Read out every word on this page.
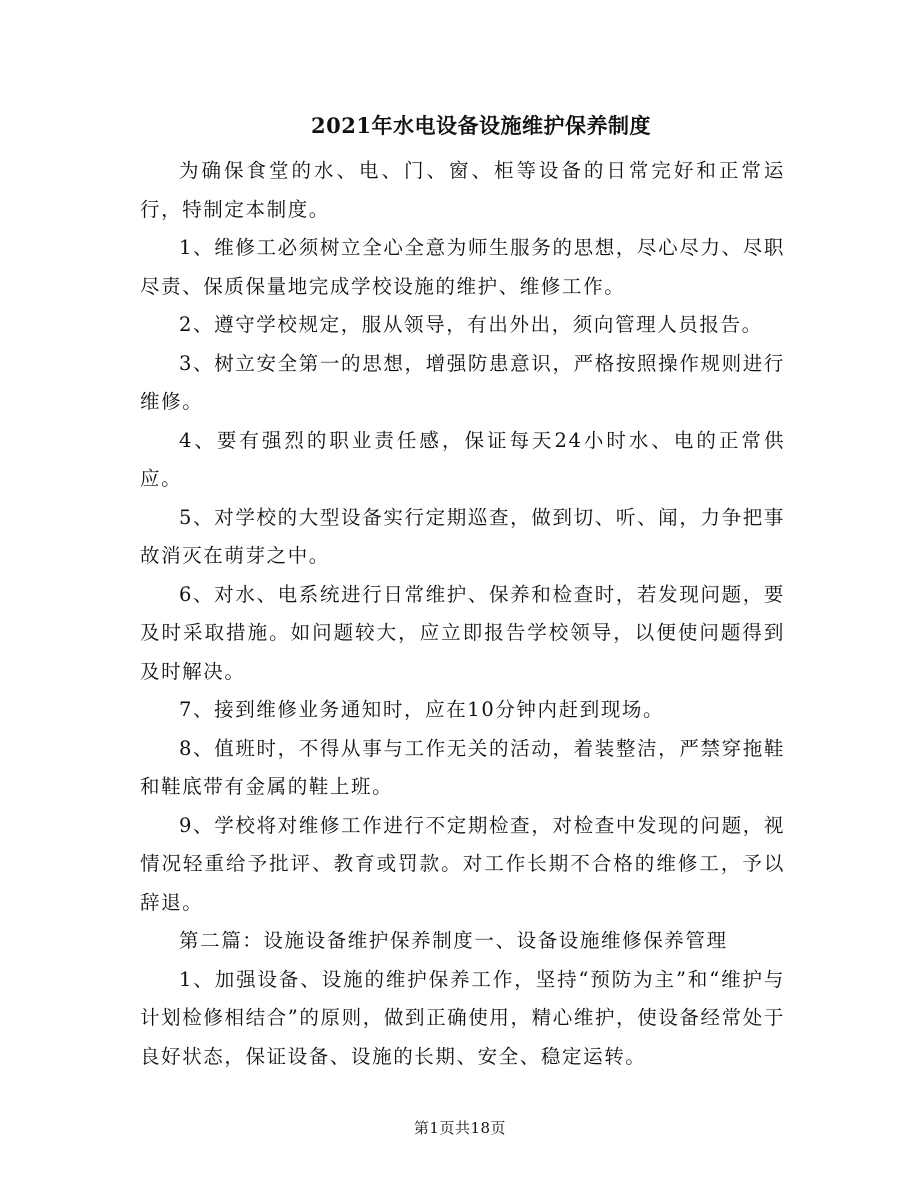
2021年水电设备设施维护保养制度

为确保食堂的水、电、门、窗、柜等设备的日常完好和正常运行，特制定本制度。

1、维修工必须树立全心全意为师生服务的思想，尽心尽力、尽职尽责、保质保量地完成学校设施的维护、维修工作。

2、遵守学校规定，服从领导，有出外出，须向管理人员报告。

3、树立安全第一的思想，增强防患意识，严格按照操作规则进行维修。

4、要有强烈的职业责任感，保证每天24小时水、电的正常供应。

5、对学校的大型设备实行定期巡查，做到切、听、闻，力争把事故消灭在萌芽之中。

6、对水、电系统进行日常维护、保养和检查时，若发现问题，要及时采取措施。如问题较大，应立即报告学校领导，以便使问题得到及时解决。

7、接到维修业务通知时，应在10分钟内赶到现场。

8、值班时，不得从事与工作无关的活动，着装整洁，严禁穿拖鞋和鞋底带有金属的鞋上班。

9、学校将对维修工作进行不定期检查，对检查中发现的问题，视情况轻重给予批评、教育或罚款。对工作长期不合格的维修工，予以辞退。

第二篇：设施设备维护保养制度一、设备设施维修保养管理

1、加强设备、设施的维护保养工作，坚持“预防为主”和“维护与计划检修相结合”的原则，做到正确使用，精心维护，使设备经常处于良好状态，保证设备、设施的长期、安全、稳定运转。

第1页共18页
